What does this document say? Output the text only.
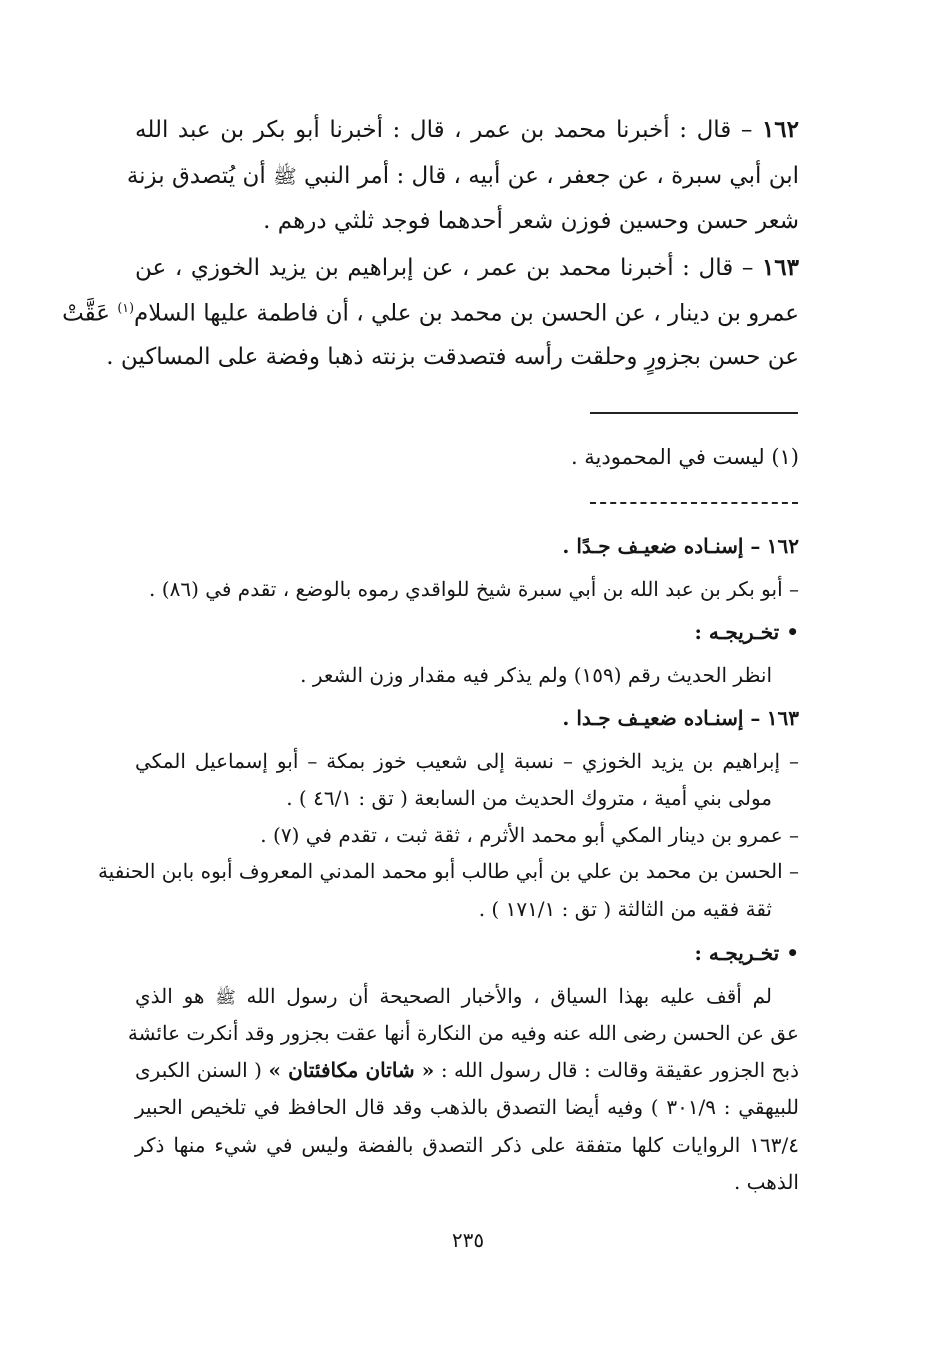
١٦٢ – قال : أخبرنا محمد بن عمر ، قال : أخبرنا أبو بكر بن عبد الله

ابن أبي سبرة ، عن جعفر ، عن أبيه ، قال : أمر النبي ﷺ أن يُتصدق بزنة

شعر حسن وحسين فوزن شعر أحدهما فوجد ثلثي درهم .

١٦٣ – قال : أخبرنا محمد بن عمر ، عن إبراهيم بن يزيد الخوزي ، عن

عمرو بن دينار ، عن الحسن بن محمد بن علي ، أن فاطمة عليها السلام$^{(١)}$ عَقَّتْ

عن حسن بجزورٍ وحلقت رأسه فتصدقت بزنته ذهبا وفضة على المساكين .

(١) ليست في المحمودية .

١٦٢ – إسنـاده ضعيـف جـدًا .

– أبو بكر بن عبد الله بن أبي سبرة شيخ للواقدي رموه بالوضع ، تقدم في (٨٦) .

• تخـريجـه :

انظر الحديث رقم (١٥٩) ولم يذكر فيه مقدار وزن الشعر .

١٦٣ – إسنـاده ضعيـف جـدا .

– إبراهيم بن يزيد الخوزي – نسبة إلى شعيب خوز بمكة – أبو إسماعيل المكي

مولى بني أمية ، متروك الحديث من السابعة ( تق : ٤٦/١ ) .

– عمرو بن دينار المكي أبو محمد الأثرم ، ثقة ثبت ، تقدم في (٧) .

– الحسن بن محمد بن علي بن أبي طالب أبو محمد المدني المعروف أبوه بابن الحنفية

ثقة فقيه من الثالثة ( تق : ١٧١/١ ) .

• تخـريجـه :

لم أقف عليه بهذا السياق ، والأخبار الصحيحة أن رسول الله ﷺ هو الذي

عق عن الحسن رضى الله عنه وفيه من النكارة أنها عقت بجزور وقد أنكرت عائشة

ذبح الجزور عقيقة وقالت : قال رسول الله : « شاتان مكافئتان » ( السنن الكبرى

للبيهقي : ٣٠١/٩ ) وفيه أيضا التصدق بالذهب وقد قال الحافظ في تلخيص الحبير

١٦٣/٤ الروايات كلها متفقة على ذكر التصدق بالفضة وليس في شيء منها ذكر

الذهب .

٢٣٥
